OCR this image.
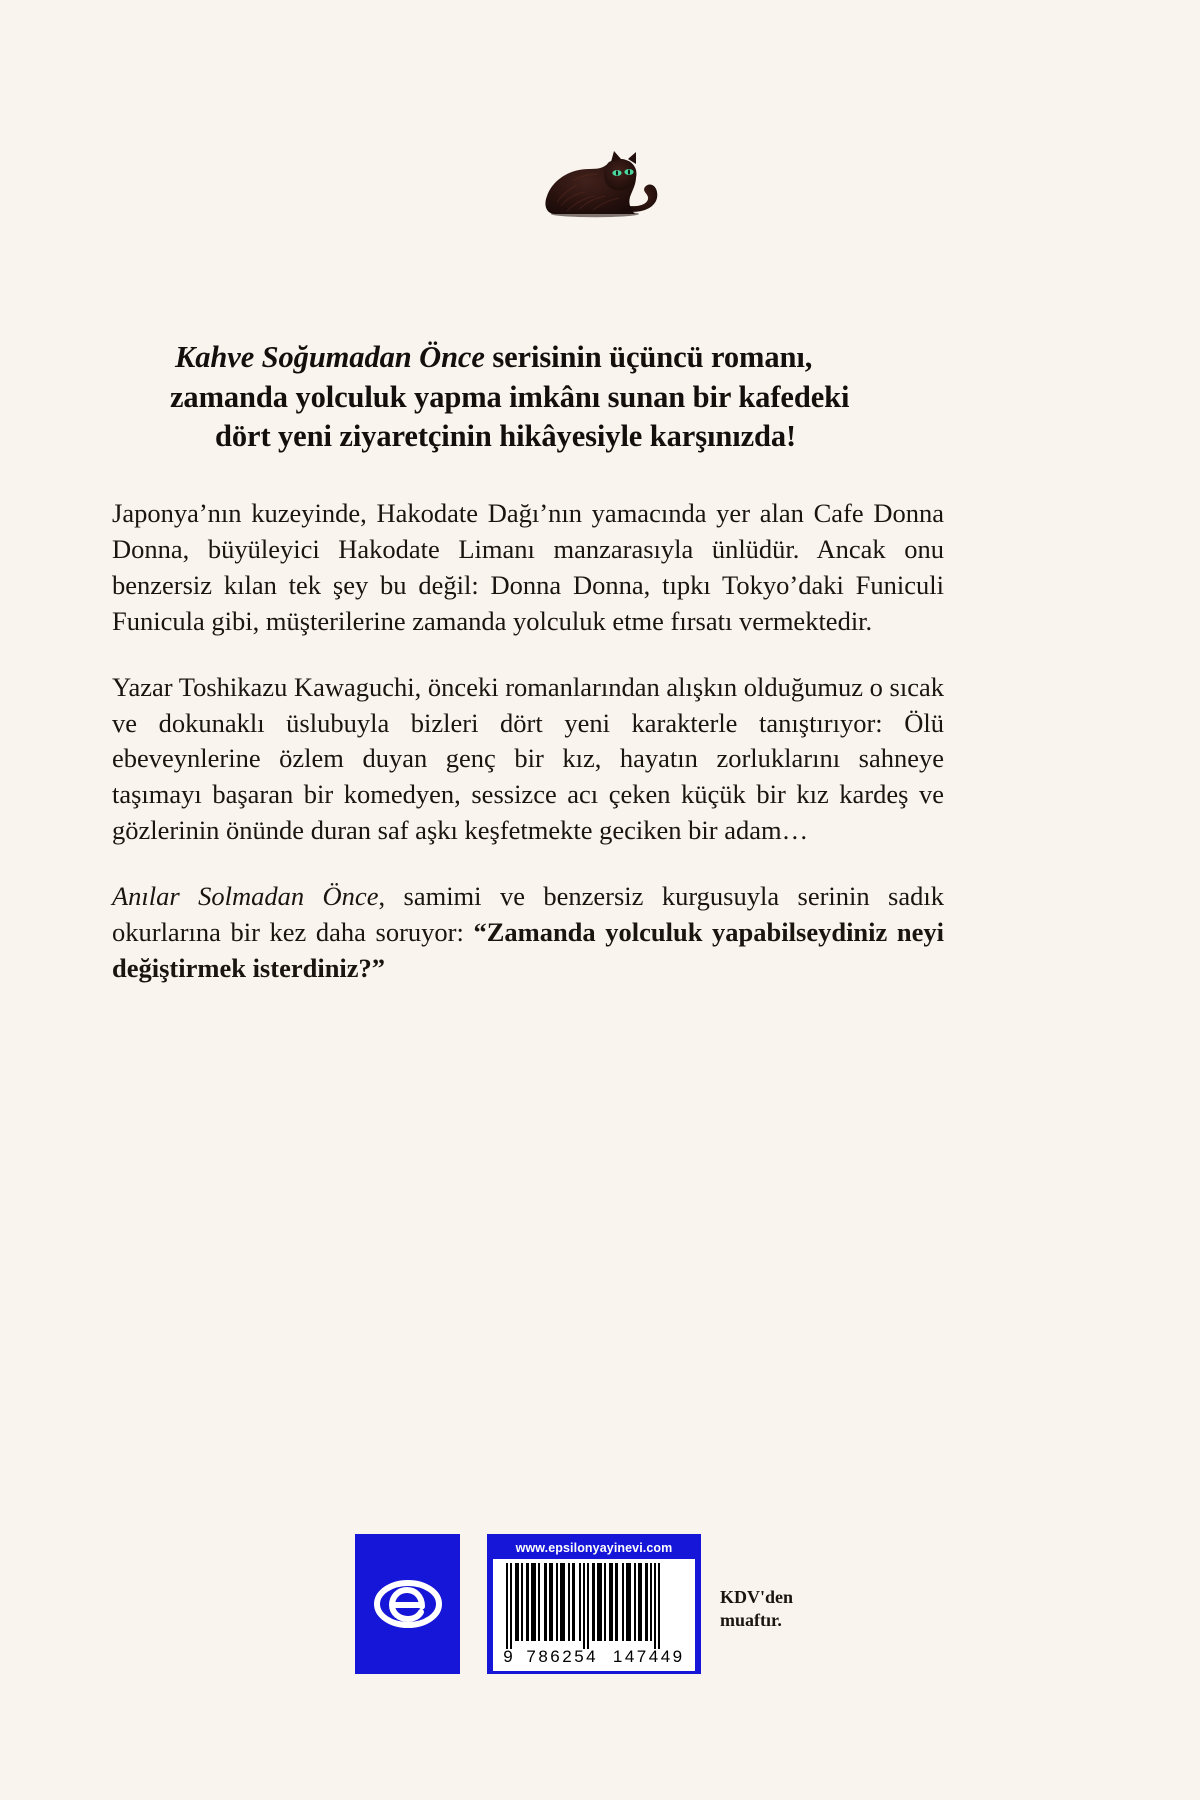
Kahve Soğumadan Önce serisinin üçüncü romanı,
zamanda yolculuk yapma imkânı sunan bir kafedeki
dört yeni ziyaretçinin hikâyesiyle karşınızda!

Japonya’nın kuzeyinde, Hakodate Dağı’nın yamacında yer alan Cafe Donna Donna, büyüleyici Hakodate Limanı manzarasıyla ünlüdür. Ancak onu benzersiz kılan tek şey bu değil: Donna Donna, tıpkı Tokyo’daki Funiculi Funicula gibi, müşterilerine zamanda yolculuk etme fırsatı vermektedir.

Yazar Toshikazu Kawaguchi, önceki romanlarından alışkın olduğumuz o sıcak ve dokunaklı üslubuyla bizleri dört yeni karakterle tanıştırıyor: Ölü ebeveynlerine özlem duyan genç bir kız, hayatın zorluklarını sahneye taşımayı başaran bir komedyen, sessizce acı çeken küçük bir kız kardeş ve gözlerinin önünde duran saf aşkı keşfetmekte geciken bir adam…

Anılar Solmadan Önce, samimi ve benzersiz kurgusuyla serinin sadık okurlarına bir kez daha soruyor: “Zamanda yolculuk yapabilseydiniz neyi değiştirmek isterdiniz?”

www.epsilonyayinevi.com
9 786254 147449
KDV'den
muaftır.
